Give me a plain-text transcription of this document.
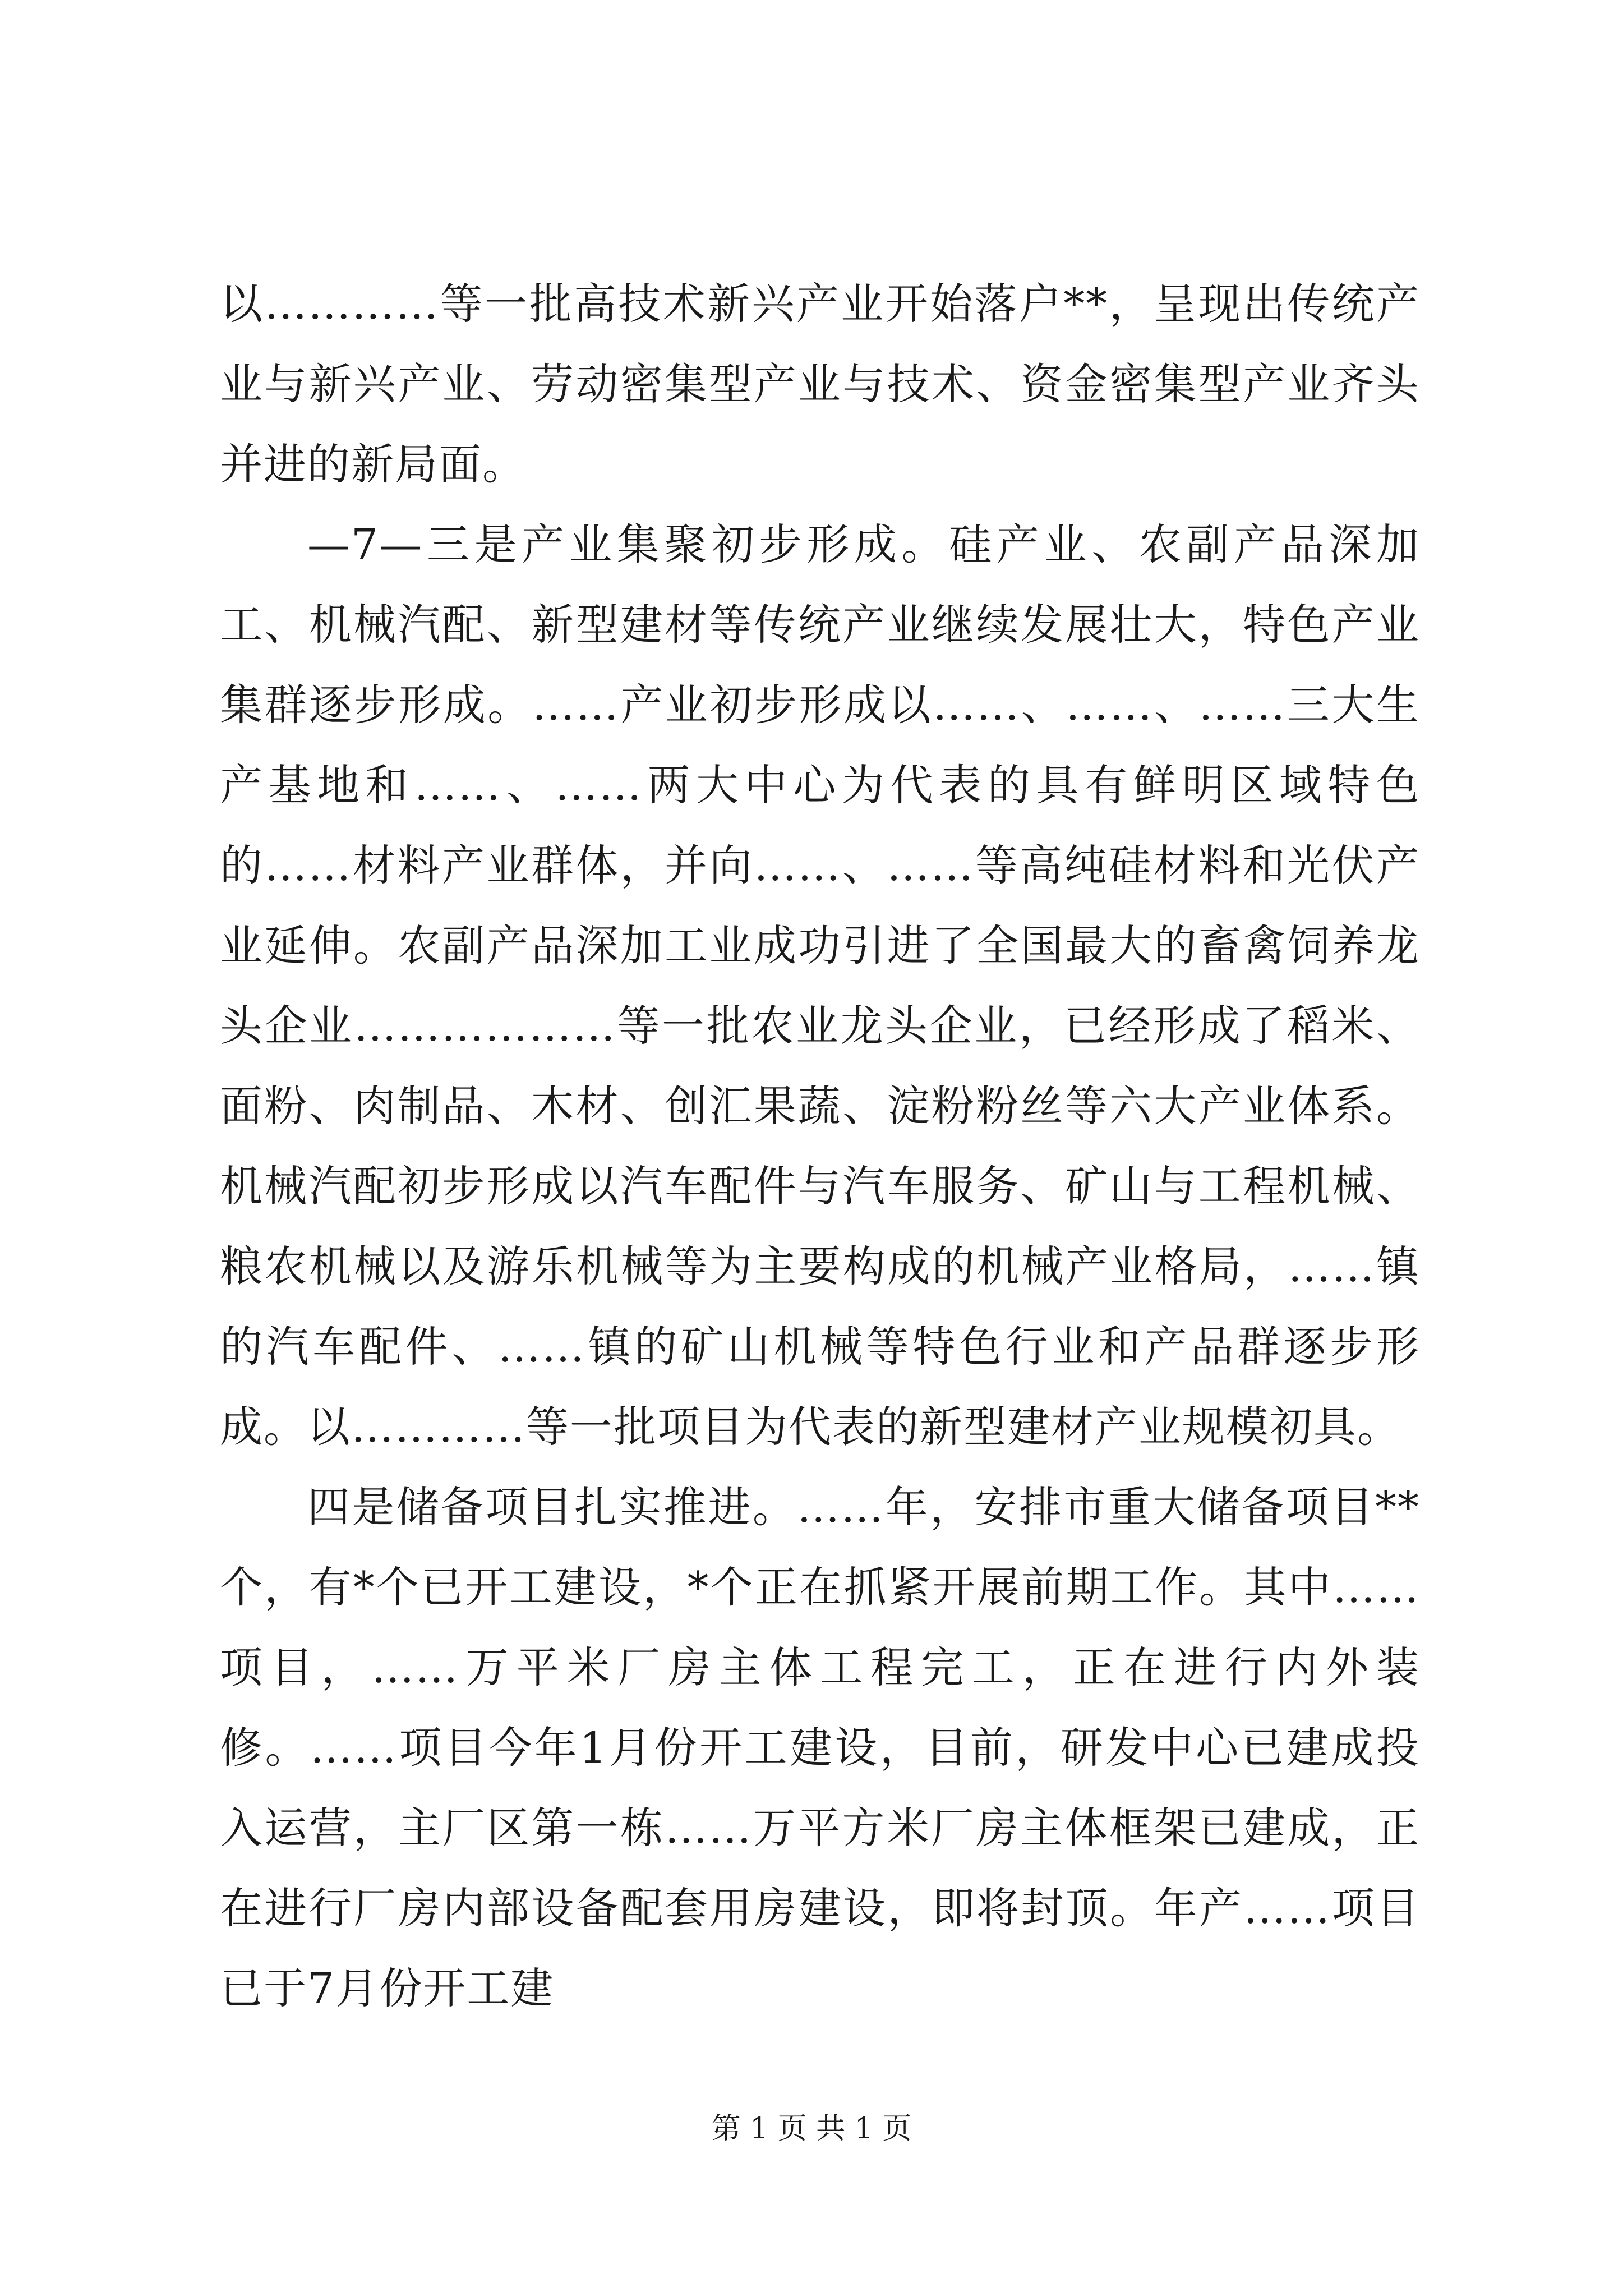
以…………等一批高技术新兴产业开始落户**，呈现出传统产业与新兴产业、劳动密集型产业与技术、资金密集型产业齐头并进的新局面。

—7—三是产业集聚初步形成。硅产业、农副产品深加工、机械汽配、新型建材等传统产业继续发展壮大，特色产业集群逐步形成。……产业初步形成以……、……、……三大生产基地和……、……两大中心为代表的具有鲜明区域特色的……材料产业群体，并向……、……等高纯硅材料和光伏产业延伸。农副产品深加工业成功引进了全国最大的畜禽饲养龙头企业………………等一批农业龙头企业，已经形成了稻米、面粉、肉制品、木材、创汇果蔬、淀粉粉丝等六大产业体系。机械汽配初步形成以汽车配件与汽车服务、矿山与工程机械、粮农机械以及游乐机械等为主要构成的机械产业格局，……镇的汽车配件、……镇的矿山机械等特色行业和产品群逐步形成。以…………等一批项目为代表的新型建材产业规模初具。

四是储备项目扎实推进。……年，安排市重大储备项目**个，有*个已开工建设，*个正在抓紧开展前期工作。其中……项目，……万平米厂房主体工程完工，正在进行内外装修。……项目今年1月份开工建设，目前，研发中心已建成投入运营，主厂区第一栋……万平方米厂房主体框架已建成，正在进行厂房内部设备配套用房建设，即将封顶。年产……项目已于7月份开工建

第 1 页 共 1 页
